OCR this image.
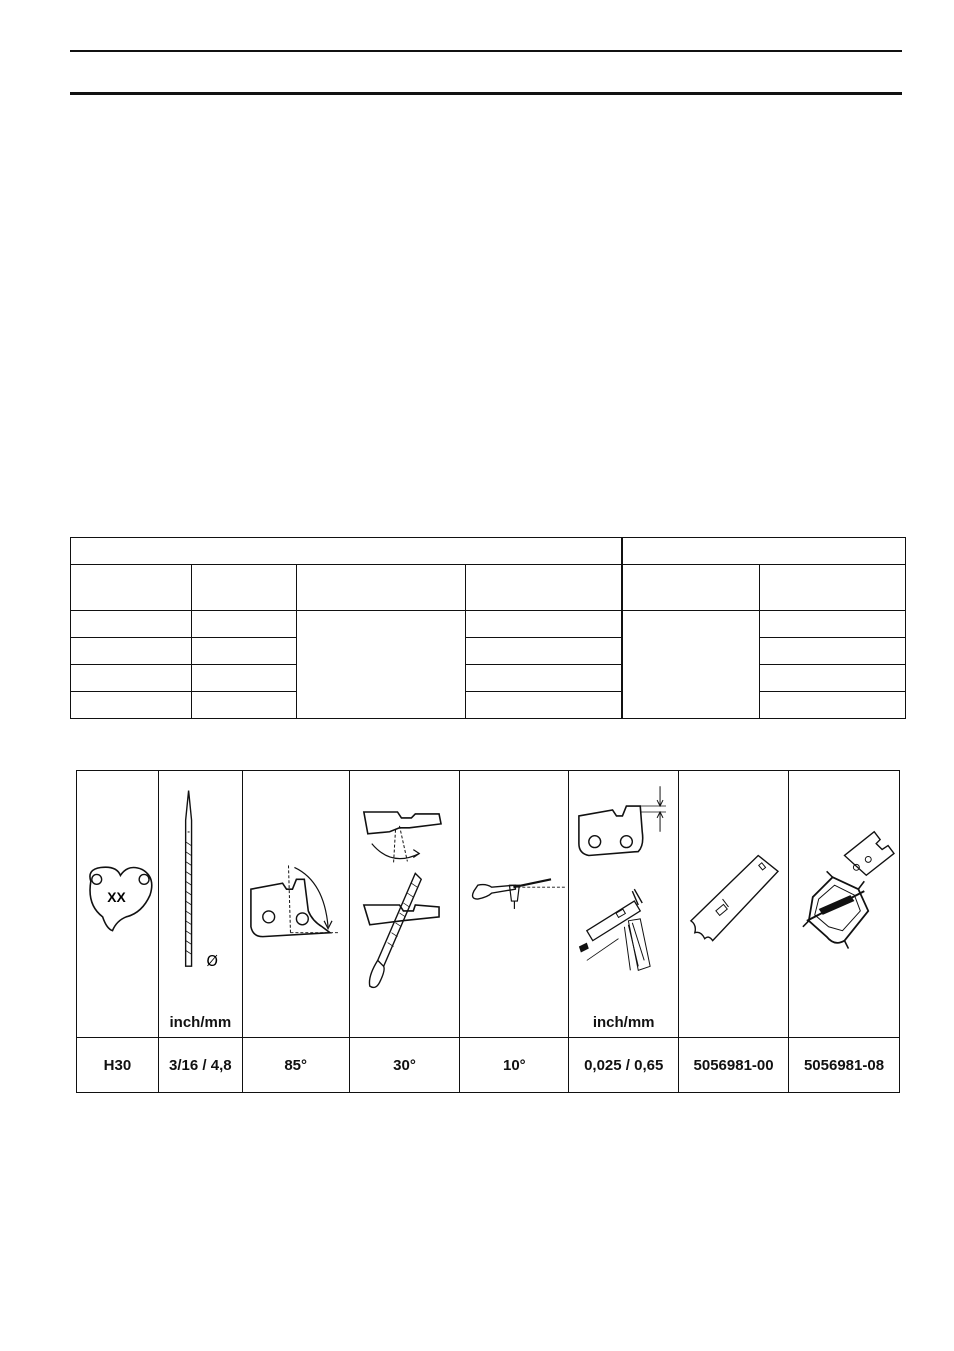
XX	Ø
inch/mm				inch/mm

H30	3/16 / 4,8	85°	30°	10°	0,025 / 0,65	5056981-00	5056981-08
